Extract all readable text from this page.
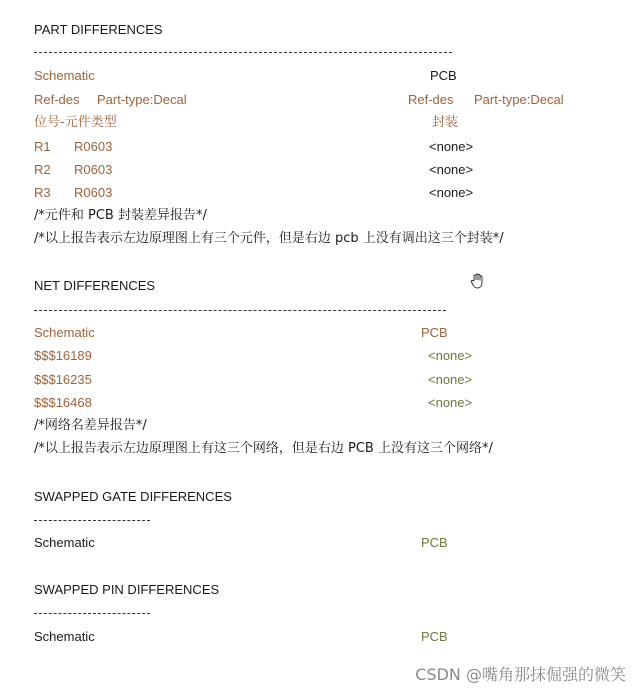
PART DIFFERENCES
Schematic	PCB
Ref-des Part-type:Decal	Ref-des Part-type:Decal
位号-元件类型	封装
R1 R0603	<none>
R2 R0603	<none>
R3 R0603	<none>
/*元件和 PCB 封装差异报告*/
/*以上报告表示左边原理图上有三个元件，但是右边 pcb 上没有调出这三个封装*/
NET DIFFERENCES
Schematic	PCB
$$$16189	<none>
$$$16235	<none>
$$$16468	<none>
/*网络名差异报告*/
/*以上报告表示左边原理图上有这三个网络，但是右边 PCB 上没有这三个网络*/
SWAPPED GATE DIFFERENCES
Schematic	PCB
SWAPPED PIN DIFFERENCES
Schematic	PCB
CSDN @嘴角那抹倔强的微笑
